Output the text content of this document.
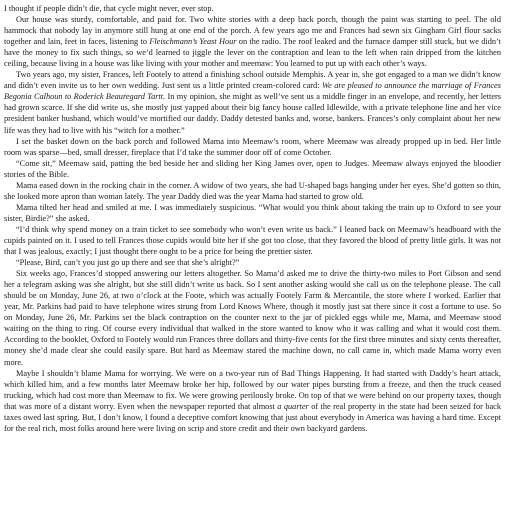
I thought if people didn’t die, that cycle might never, ever stop.

Our house was sturdy, comfortable, and paid for. Two white stories with a deep back porch, though the paint was starting to peel. The old hammock that nobody lay in anymore still hung at one end of the porch. A few years ago me and Frances had sewn six Gingham Girl flour sacks together and lain, feet in faces, listening to Fleischmann’s Yeast Hour on the radio. The roof leaked and the furnace damper still stuck, but we didn’t have the money to fix such things, so we’d learned to jiggle the lever on the contraption and lean to the left when rain dripped from the kitchen ceiling, because living in a house was like living with your mother and meemaw: You learned to put up with each other’s ways.

Two years ago, my sister, Frances, left Footely to attend a finishing school outside Memphis. A year in, she got engaged to a man we didn’t know and didn’t even invite us to her own wedding. Just sent us a little printed cream-colored card: We are pleased to announce the marriage of Frances Begonia Calhoun to Roderick Beauregard Tartt. In my opinion, she might as well’ve sent us a middle finger in an envelope, and recently, her letters had grown scarce. If she did write us, she mostly just yapped about their big fancy house called Idlewilde, with a private telephone line and her vice president banker husband, which would’ve mortified our daddy. Daddy detested banks and, worse, bankers. Frances’s only complaint about her new life was they had to live with his “witch for a mother.”

I set the basket down on the back porch and followed Mama into Meemaw’s room, where Meemaw was already propped up in bed. Her little room was sparse—bed, small dresser, fireplace that I’d take the summer door off of come October.

“Come sit,” Meemaw said, patting the bed beside her and sliding her King James over, open to Judges. Meemaw always enjoyed the bloodier stories of the Bible.

Mama eased down in the rocking chair in the corner. A widow of two years, she had U-shaped bags hanging under her eyes. She’d gotten so thin, she looked more apron than woman lately. The year Daddy died was the year Mama had started to grow old.

Mama tilted her head and smiled at me. I was immediately suspicious. “What would you think about taking the train up to Oxford to see your sister, Birdie?” she asked.

“I’d think why spend money on a train ticket to see somebody who won’t even write us back.” I leaned back on Meemaw’s headboard with the cupids painted on it. I used to tell Frances those cupids would bite her if she got too close, that they favored the blood of pretty little girls. It was not that I was jealous, exactly; I just thought there ought to be a price for being the prettier sister.

“Please, Bird, can’t you just go up there and see that she’s alright?”

Six weeks ago, Frances’d stopped answering our letters altogether. So Mama’d asked me to drive the thirty-two miles to Port Gibson and send her a telegram asking was she alright, but she still didn’t write us back. So I sent another asking would she call us on the telephone please. The call should be on Monday, June 26, at two o’clock at the Foote, which was actually Footely Farm & Mercantile, the store where I worked. Earlier that year, Mr. Parkins had paid to have telephone wires strung from Lord Knows Where, though it mostly just sat there since it cost a fortune to use. So on Monday, June 26, Mr. Parkins set the black contraption on the counter next to the jar of pickled eggs while me, Mama, and Meemaw stood waiting on the thing to ring. Of course every individual that walked in the store wanted to know who it was calling and what it would cost them. According to the booklet, Oxford to Footely would run Frances three dollars and thirty-five cents for the first three minutes and sixty cents thereafter, money she’d made clear she could easily spare. But hard as Meemaw stared the machine down, no call came in, which made Mama worry even more.

Maybe I shouldn’t blame Mama for worrying. We were on a two-year run of Bad Things Happening. It had started with Daddy’s heart attack, which killed him, and a few months later Meemaw broke her hip, followed by our water pipes bursting from a freeze, and then the truck ceased trucking, which had cost more than Meemaw to fix. We were growing perilously broke. On top of that we were behind on our property taxes, though that was more of a distant worry. Even when the newspaper reported that almost a quarter of the real property in the state had been seized for back taxes owed last spring. But, I don’t know, I found a deceptive comfort knowing that just about everybody in America was having a hard time. Except for the real rich, most folks around here were living on scrip and store credit and their own backyard gardens.
